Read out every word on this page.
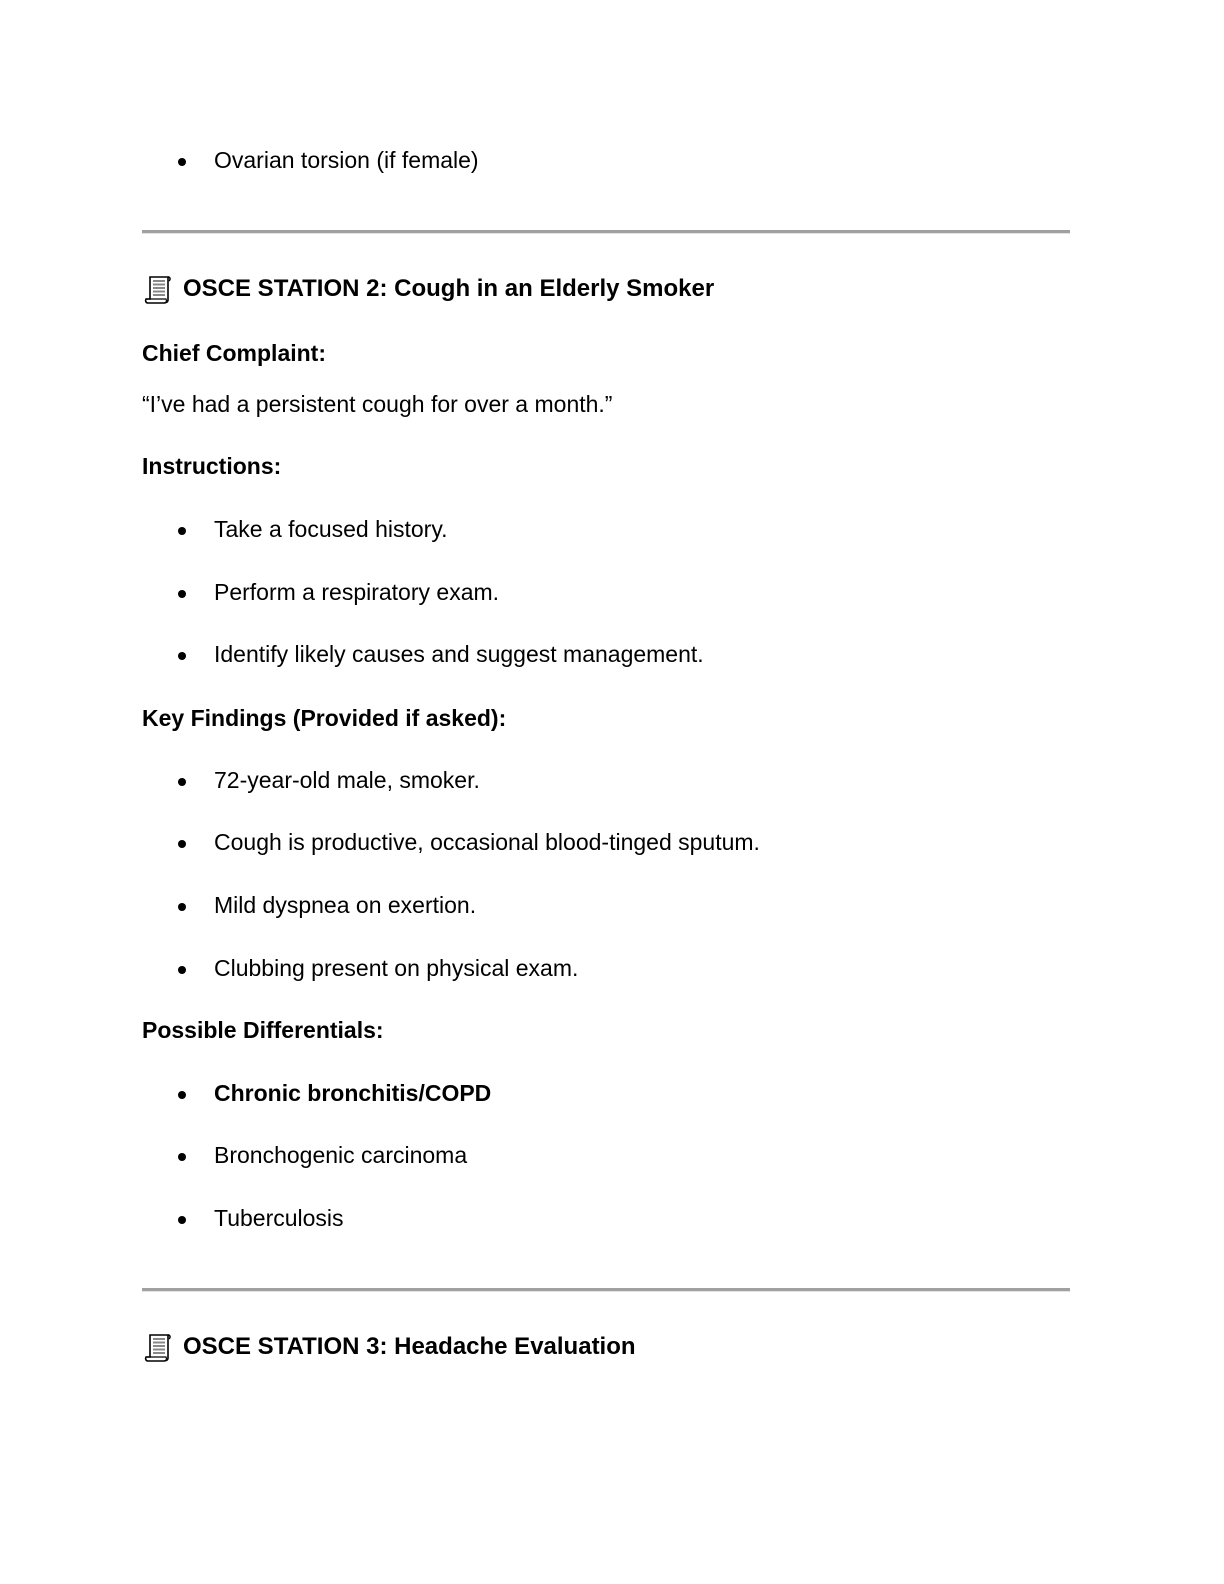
Ovarian torsion (if female)
OSCE STATION 2: Cough in an Elderly Smoker
Chief Complaint:
“I’ve had a persistent cough for over a month.”
Instructions:
Take a focused history.
Perform a respiratory exam.
Identify likely causes and suggest management.
Key Findings (Provided if asked):
72-year-old male, smoker.
Cough is productive, occasional blood-tinged sputum.
Mild dyspnea on exertion.
Clubbing present on physical exam.
Possible Differentials:
Chronic bronchitis/COPD
Bronchogenic carcinoma
Tuberculosis
OSCE STATION 3: Headache Evaluation
